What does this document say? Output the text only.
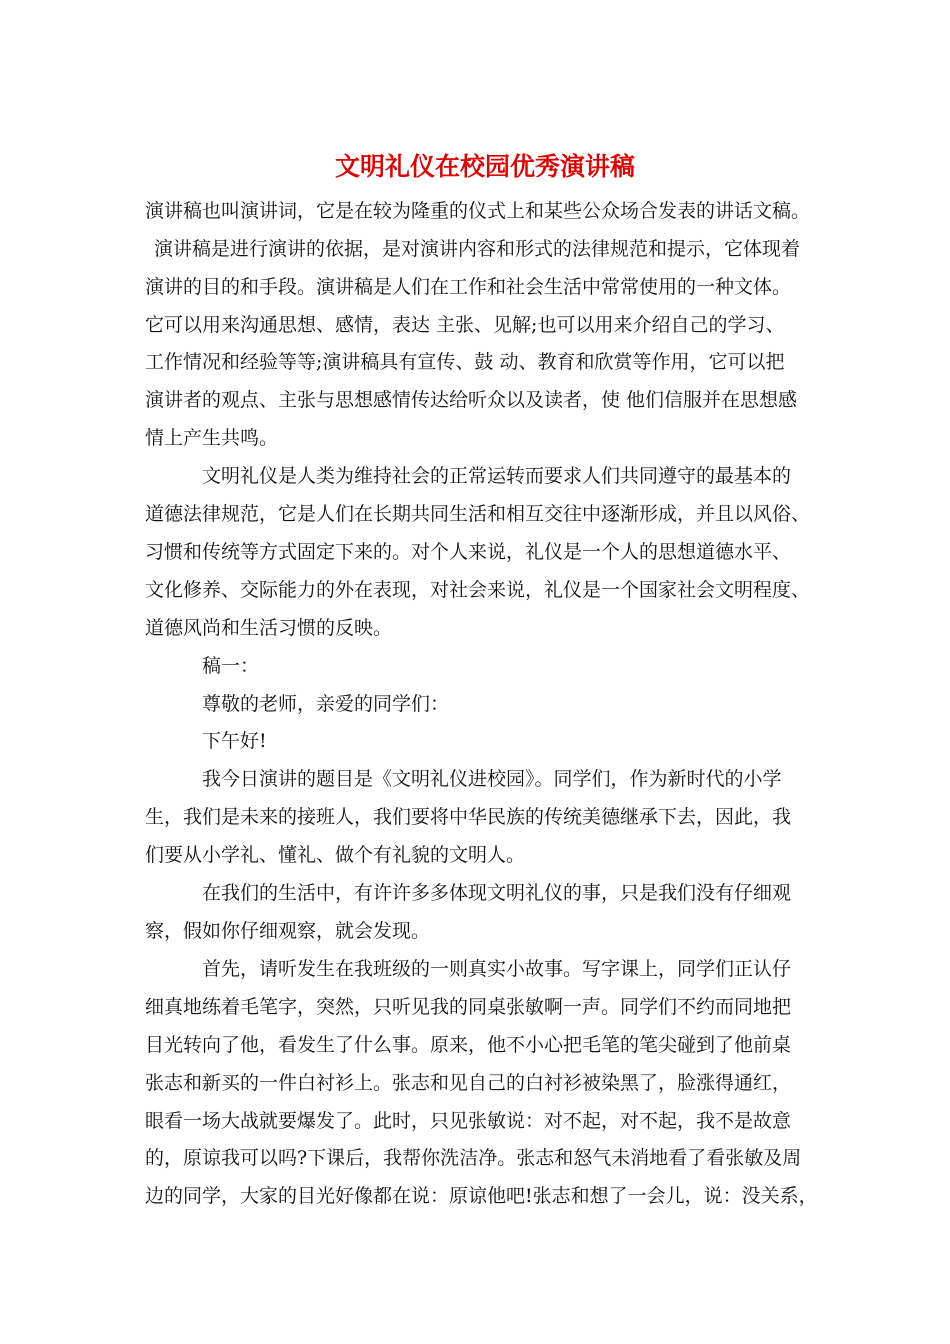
文明礼仪在校园优秀演讲稿
演讲稿也叫演讲词，它是在较为隆重的仪式上和某些公众场合发表的讲话文稿。
演讲稿是进行演讲的依据，是对演讲内容和形式的法律规范和提示，它体现着
演讲的目的和手段。演讲稿是人们在工作和社会生活中常常使用的一种文体。
它可以用来沟通思想、感情，表达 主张、见解;也可以用来介绍自己的学习、
工作情况和经验等等;演讲稿具有宣传、鼓 动、教育和欣赏等作用，它可以把
演讲者的观点、主张与思想感情传达给听众以及读者，使 他们信服并在思想感
情上产生共鸣。
文明礼仪是人类为维持社会的正常运转而要求人们共同遵守的最基本的
道德法律规范，它是人们在长期共同生活和相互交往中逐渐形成，并且以风俗、
习惯和传统等方式固定下来的。对个人来说，礼仪是一个人的思想道德水平、
文化修养、交际能力的外在表现，对社会来说，礼仪是一个国家社会文明程度、
道德风尚和生活习惯的反映。
稿一：
尊敬的老师，亲爱的同学们：
下午好!
我今日演讲的题目是《文明礼仪进校园》。同学们，作为新时代的小学
生，我们是未来的接班人，我们要将中华民族的传统美德继承下去，因此，我
们要从小学礼、懂礼、做个有礼貌的文明人。
在我们的生活中，有许许多多体现文明礼仪的事，只是我们没有仔细观
察，假如你仔细观察，就会发现。
首先，请听发生在我班级的一则真实小故事。写字课上，同学们正认仔
细真地练着毛笔字，突然，只听见我的同桌张敏啊一声。同学们不约而同地把
目光转向了他，看发生了什么事。原来，他不小心把毛笔的笔尖碰到了他前桌
张志和新买的一件白衬衫上。张志和见自己的白衬衫被染黑了，脸涨得通红，
眼看一场大战就要爆发了。此时，只见张敏说：对不起，对不起，我不是故意
的，原谅我可以吗?下课后，我帮你洗洁净。张志和怒气未消地看了看张敏及周
边的同学，大家的目光好像都在说：原谅他吧!张志和想了一会儿，说：没关系，
